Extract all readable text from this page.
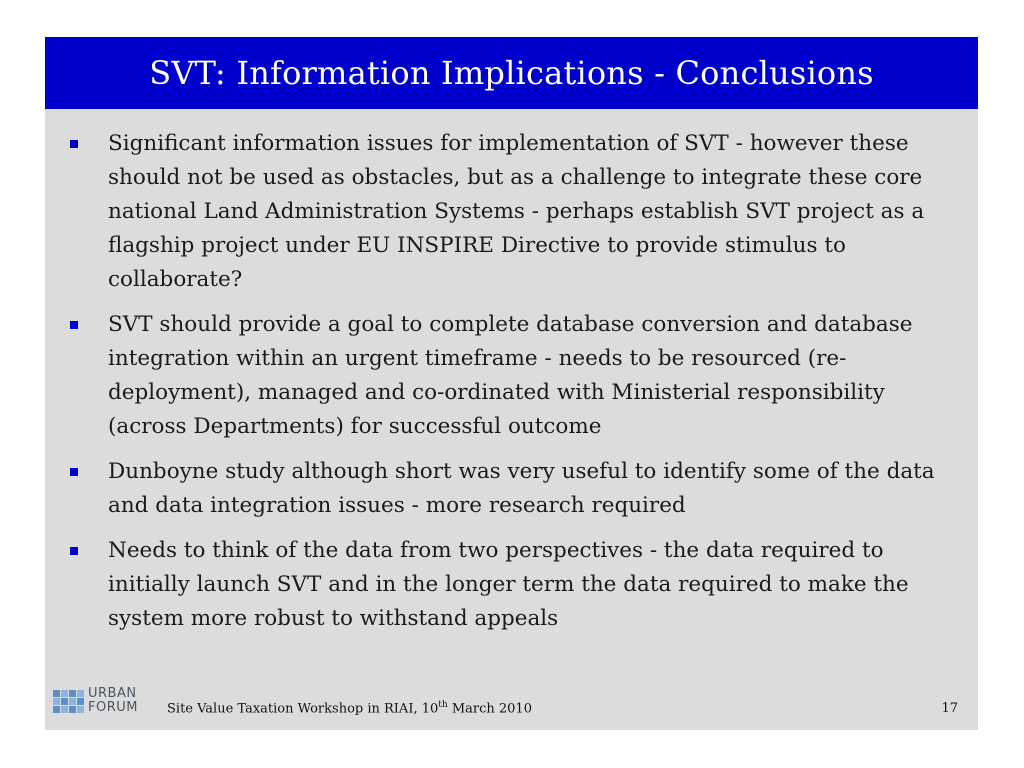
SVT: Information Implications - Conclusions
Significant information issues for implementation of SVT - however these should not be used as obstacles, but as a challenge to integrate these core national Land Administration Systems - perhaps establish SVT project as a flagship project under EU INSPIRE Directive to provide stimulus to collaborate?
SVT should provide a goal to complete database conversion and database integration within an urgent timeframe - needs to be resourced (re-deployment), managed and co-ordinated with Ministerial responsibility (across Departments) for successful outcome
Dunboyne study although short was very useful to identify some of the data and data integration issues - more research required
Needs to think of the data from two perspectives - the data required to initially launch SVT and in the longer term the data required to make the system more robust to withstand appeals
URBAN
FORUM Site Value Taxation Workshop in RIAI, 10th March 2010	17
